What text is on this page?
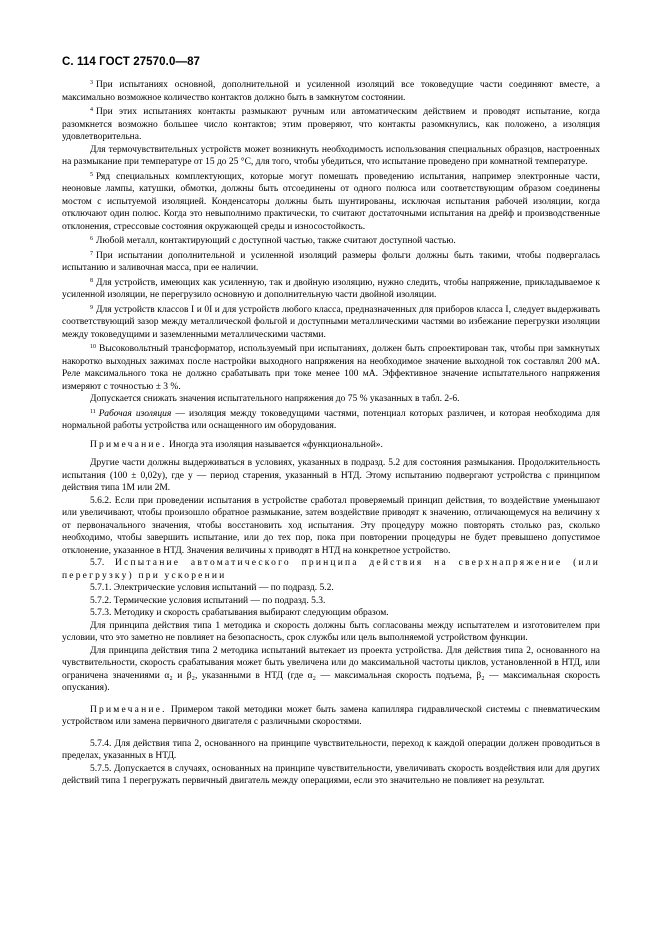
С. 114 ГОСТ 27570.0—87

$^3$ При испытаниях основной, дополнительной и усиленной изоляций все токоведущие части соединяют вместе, а максимально возможное количество контактов должно быть в замкнутом состоянии.

$^4$ При этих испытаниях контакты размыкают ручным или автоматическим действием и проводят испытание, когда разомкнется возможно большее число контактов; этим проверяют, что контакты разомкнулись, как положено, а изоляция удовлетворительна.

Для термочувствительных устройств может возникнуть необходимость использования специальных образцов, настроенных на размыкание при температуре от 15 до 25 °С, для того, чтобы убедиться, что испытание проведено при комнатной температуре.

$^5$ Ряд специальных комплектующих, которые могут помешать проведению испытания, например электронные части, неоновые лампы, катушки, обмотки, должны быть отсоединены от одного полюса или соответствующим образом соединены мостом с испытуемой изоляцией. Конденсаторы должны быть шунтированы, исключая испытания рабочей изоляции, когда отключают один полюс. Когда это невыполнимо практически, то считают достаточными испытания на дрейф и производственные отклонения, стрессовые состояния окружающей среды и износостойкость.

$^6$ Любой металл, контактирующий с доступной частью, также считают доступной частью.

$^7$ При испытании дополнительной и усиленной изоляций размеры фольги должны быть такими, чтобы подвергалась испытанию и заливочная масса, при ее наличии.

$^8$ Для устройств, имеющих как усиленную, так и двойную изоляцию, нужно следить, чтобы напряжение, прикладываемое к усиленной изоляции, не перегрузило основную и дополнительную части двойной изоляции.

$^9$ Для устройств классов I и 0I и для устройств любого класса, предназначенных для приборов класса I, следует выдерживать соответствующий зазор между металлической фольгой и доступными металлическими частями во избежание перегрузки изоляции между токоведущими и заземленными металлическими частями.

$^{10}$ Высоковольтный трансформатор, используемый при испытаниях, должен быть спроектирован так, чтобы при замкнутых накоротко выходных зажимах после настройки выходного напряжения на необходимое значение выходной ток составлял 200 мА. Реле максимального тока не должно срабатывать при токе менее 100 мА. Эффективное значение испытательного напряжения измеряют с точностью ± 3 %.

Допускается снижать значения испытательного напряжения до 75 % указанных в табл. 2-6.

$^{11}$ Рабочая изоляция — изоляция между токоведущими частями, потенциал которых различен, и которая необходима для нормальной работы устройства или оснащенного им оборудования.

Примечание. Иногда эта изоляция называется «функциональной».

Другие части должны выдерживаться в условиях, указанных в подразд. 5.2 для состояния размыкания. Продолжительность испытания (100 ± 0,02у), где у — период старения, указанный в НТД. Этому испытанию подвергают устройства с принципом действия типа 1М или 2М.

5.6.2. Если при проведении испытания в устройстве сработал проверяемый принцип действия, то воздействие уменьшают или увеличивают, чтобы произошло обратное размыкание, затем воздействие приводят к значению, отличающемуся на величину x от первоначального значения, чтобы восстановить ход испытания. Эту процедуру можно повторять столько раз, сколько необходимо, чтобы завершить испытание, или до тех пор, пока при повторении процедуры не будет превышено допустимое отклонение, указанное в НТД. Значения величины x приводят в НТД на конкретное устройство.

5.7. Испытание автоматического принципа действия на сверхнапряжение (или перегрузку) при ускорении

5.7.1. Электрические условия испытаний — по подразд. 5.2.

5.7.2. Термические условия испытаний — по подразд. 5.3.

5.7.3. Методику и скорость срабатывания выбирают следующим образом.

Для принципа действия типа 1 методика и скорость должны быть согласованы между испытателем и изготовителем при условии, что это заметно не повлияет на безопасность, срок службы или цель выполняемой устройством функции.

Для принципа действия типа 2 методика испытаний вытекает из проекта устройства. Для действия типа 2, основанного на чувствительности, скорость срабатывания может быть увеличена или до максимальной частоты циклов, установленной в НТД, или ограничена значениями α₂ и β₂, указанными в НТД (где α₂ — максимальная скорость подъема, β₂ — максимальная скорость опускания).

Примечание. Примером такой методики может быть замена капилляра гидравлической системы с пневматическим устройством или замена первичного двигателя с различными скоростями.

5.7.4. Для действия типа 2, основанного на принципе чувствительности, переход к каждой операции должен проводиться в пределах, указанных в НТД.

5.7.5. Допускается в случаях, основанных на принципе чувствительности, увеличивать скорость воздействия или для других действий типа 1 перегружать первичный двигатель между операциями, если это значительно не повлияет на результат.
